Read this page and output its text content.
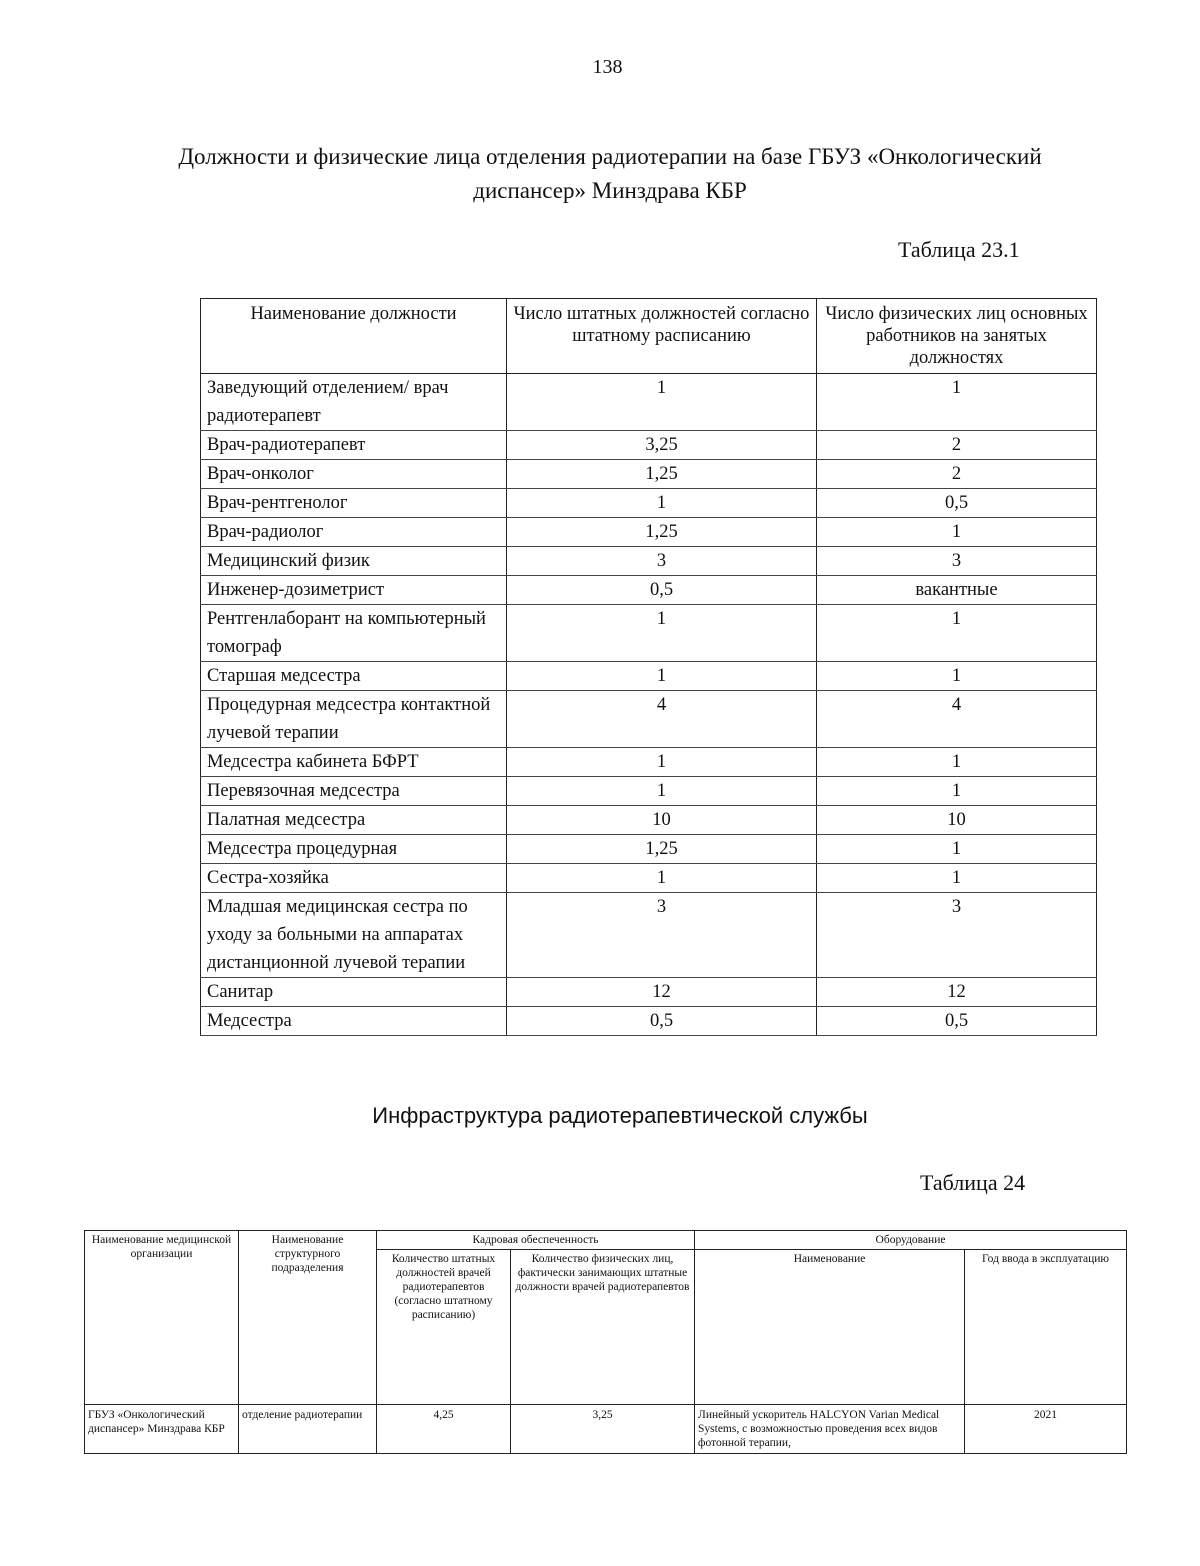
138
Должности и физические лица отделения радиотерапии на базе ГБУЗ «Онкологический диспансер» Минздрава КБР
Таблица 23.1
Наименование должности	Число штатных должностей согласно штатному расписанию	Число физических лиц основных работников на занятых должностях
Заведующий отделением/ врач радиотерапевт	1	1
Врач-радиотерапевт	3,25	2
Врач-онколог	1,25	2
Врач-рентгенолог	1	0,5
Врач-радиолог	1,25	1
Медицинский физик	3	3
Инженер-дозиметрист	0,5	вакантные
Рентгенлаборант на компьютерный томограф	1	1
Старшая медсестра	1	1
Процедурная медсестра контактной лучевой терапии	4	4
Медсестра кабинета БФРТ	1	1
Перевязочная медсестра	1	1
Палатная медсестра	10	10
Медсестра процедурная	1,25	1
Сестра-хозяйка	1	1
Младшая медицинская сестра по уходу за больными на аппаратах дистанционной лучевой терапии	3	3
Санитар	12	12
Медсестра	0,5	0,5
Инфраструктура радиотерапевтической службы
Таблица 24
Наименование медицинской организации	Наименование структурного подразделения	Кадровая обеспеченность		Оборудование	
		Количество штатных должностей врачей радиотерапевтов (согласно штатному расписанию)	Количество физических лиц, фактически занимающих штатные должности врачей радиотерапевтов	Наименование	Год ввода в эксплуатацию
ГБУЗ «Онкологический диспансер» Минздрава КБР	отделение радиотерапии	4,25	3,25	Линейный ускоритель HALCYON Varian Medical Systems, с возможностью проведения всех видов фотонной терапии,	2021
